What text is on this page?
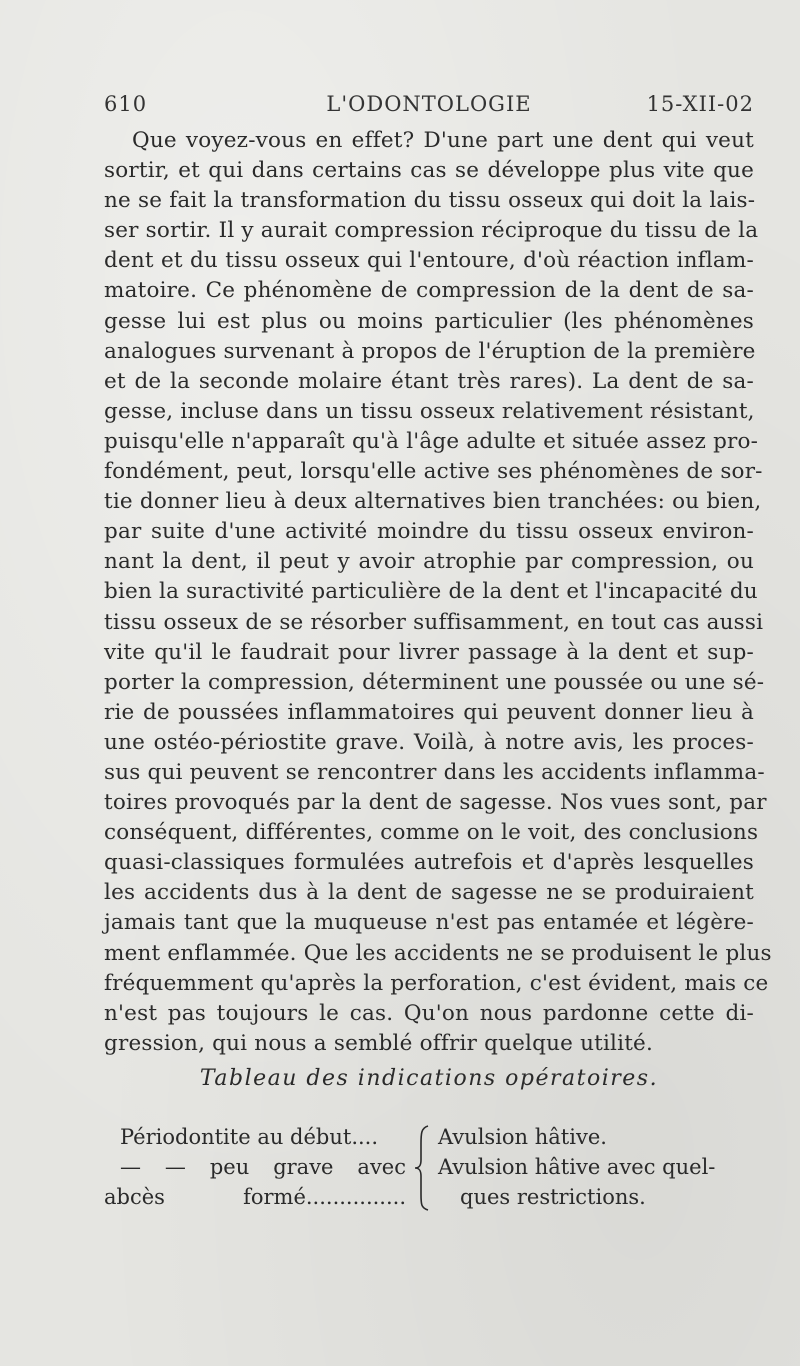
610	L'ODONTOLOGIE	15-XII-02
Que voyez-vous en effet? D'une part une dent qui veut
sortir, et qui dans certains cas se développe plus vite que
ne se fait la transformation du tissu osseux qui doit la lais-
ser sortir. Il y aurait compression réciproque du tissu de la
dent et du tissu osseux qui l'entoure, d'où réaction inflam-
matoire. Ce phénomène de compression de la dent de sa-
gesse lui est plus ou moins particulier (les phénomènes
analogues survenant à propos de l'éruption de la première
et de la seconde molaire étant très rares). La dent de sa-
gesse, incluse dans un tissu osseux relativement résistant,
puisqu'elle n'apparaît qu'à l'âge adulte et située assez pro-
fondément, peut, lorsqu'elle active ses phénomènes de sor-
tie donner lieu à deux alternatives bien tranchées: ou bien,
par suite d'une activité moindre du tissu osseux environ-
nant la dent, il peut y avoir atrophie par compression, ou
bien la suractivité particulière de la dent et l'incapacité du
tissu osseux de se résorber suffisamment, en tout cas aussi
vite qu'il le faudrait pour livrer passage à la dent et sup-
porter la compression, déterminent une poussée ou une sé-
rie de poussées inflammatoires qui peuvent donner lieu à
une ostéo-périostite grave. Voilà, à notre avis, les proces-
sus qui peuvent se rencontrer dans les accidents inflamma-
toires provoqués par la dent de sagesse. Nos vues sont, par
conséquent, différentes, comme on le voit, des conclusions
quasi-classiques formulées autrefois et d'après lesquelles
les accidents dus à la dent de sagesse ne se produiraient
jamais tant que la muqueuse n'est pas entamée et légère-
ment enflammée. Que les accidents ne se produisent le plus
fréquemment qu'après la perforation, c'est évident, mais ce
n'est pas toujours le cas. Qu'on nous pardonne cette di-
gression, qui nous a semblé offrir quelque utilité.
Tableau des indications opératoires.
Périodontite au début....
— — peu grave avec
abcès formé...............
Avulsion hâtive.
Avulsion hâtive avec quel-
ques restrictions.
